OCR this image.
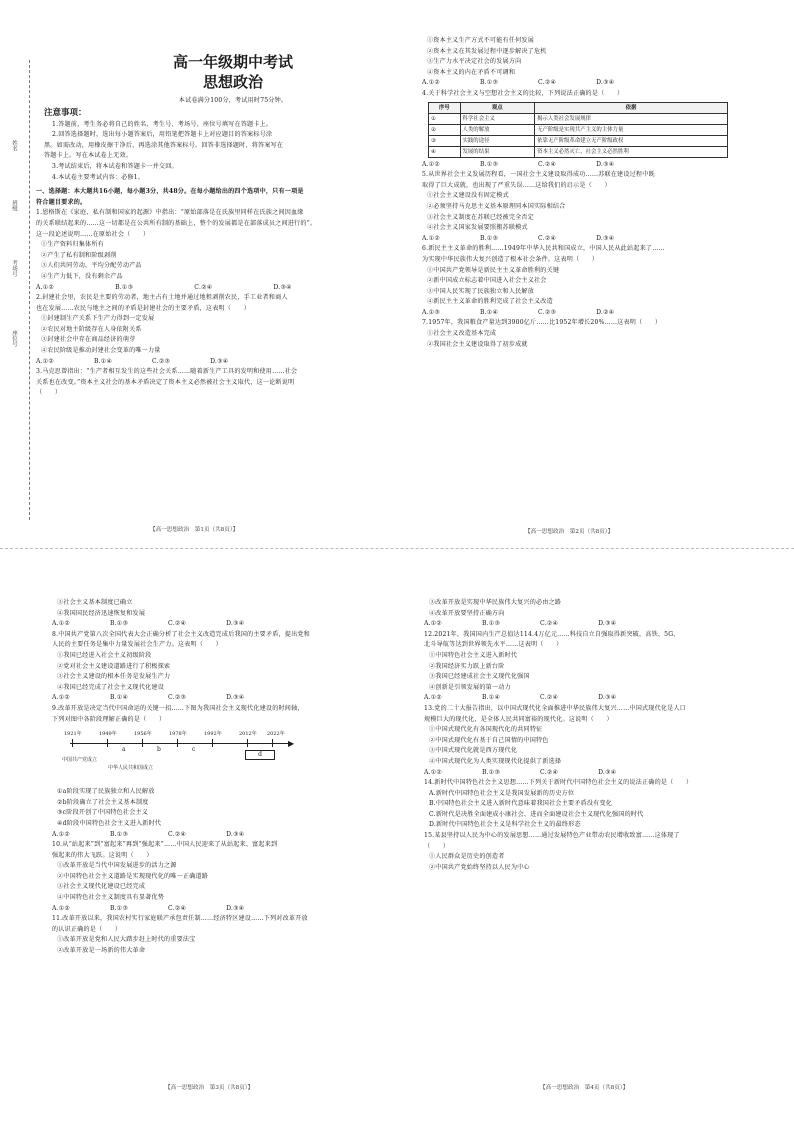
姓名
班级
考场号
座位号
高一年级期中考试
思想政治
本试卷满分100分，考试用时75分钟。
注意事项：
1.答题前，考生务必将自己的姓名、考生号、考场号、座位号填写在答题卡上。
2.回答选择题时，选出每小题答案后，用铅笔把答题卡上对应题目的答案标号涂
黑。如需改动，用橡皮擦干净后，再选涂其他答案标号。回答非选择题时，将答案写在
答题卡上。写在本试卷上无效。
3.考试结束后，将本试卷和答题卡一并交回。
4.本试卷主要考试内容：必修1。
一、选择题：本大题共16小题，每小题3分，共48分。在每小题给出的四个选项中，只有一项是
符合题目要求的。
1.恩格斯在《家庭、私有制和国家的起源》中指出：“原始部落是在氏族里同样在氏族之间因血缘
的关系联结起来的……这一切都是在公共所有制的基础上，整个的发展都是在部落成员之间进行的”。
这一段论述说明……在原始社会（　　）
①生产资料归集体所有
②产生了私有制和阶级剥削
③人们共同劳动，平均分配劳动产品
④生产力低下，没有剩余产品
A.①②　　　	B.①③　　　	C.②④　　　	D.③④
2.封建社会里，农民是主要的劳动者，地主占有土地并通过地租剥削农民，手工业者和商人
也在发展……农民与地主之间的矛盾是封建社会的主要矛盾，这表明（　　）
①封建制生产关系下生产力得到一定发展
②农民对地主阶级存在人身依附关系
③封建社会中存在商品经济的萌芽
④农民阶级是推动封建社会变革的唯一力量
A.①②　　　　　　	B.①④　　　　　　	C.②③　　　　　　	D.③④
3.马克思曾指出：“生产者相互发生的这些社会关系……随着新生产工具的发明和使用……社会
关系也在改变。”资本主义社会的基本矛盾决定了资本主义必然被社会主义取代，这一论断说明
（　　）
【高一思想政治　第1页（共8页）】
①资本主义生产方式不可能有任何发展
②资本主义在其发展过程中逐步解决了危机
③生产力水平决定社会的发展方向
④资本主义的内在矛盾不可调和
A.①②　　　　　　	B.①③　　　　　　	C.②④　　　　　　	D.③④
4.关于科学社会主义与空想社会主义的比较，下列说法正确的是（　　）
序号	观点	依据
①	科学社会主义	揭示人类社会发展规律
②	人类的解放	无产阶级是实现共产主义的主体力量
③	实践的途径	依靠无产阶级革命建立无产阶级政权
④	发展的结果	资本主义必然灭亡，社会主义必然胜利
A.①②　　　　　　	B.①③　　　　　　	C.②④　　　　　　	D.③④
5.从世界社会主义发展历程看，一国社会主义建设取得成功……苏联在建设过程中既
取得了巨大成就，也出现了严重失误……这给我们的启示是（　　）
①社会主义建设没有固定模式
②必须坚持马克思主义基本原理同本国实际相结合
③社会主义制度在苏联已经被完全否定
④社会主义国家发展要照搬苏联模式
A.①②　　　　　　	B.①③　　　　　　	C.②④　　　　　　	D.③④
6.新民主主义革命的胜利……1949年中华人民共和国成立，中国人民从此站起来了……
为实现中华民族伟大复兴创造了根本社会条件。这表明（　　）
①中国共产党领导是新民主主义革命胜利的关键
②新中国成立标志着中国进入社会主义社会
③中国人民实现了民族独立和人民解放
④新民主主义革命的胜利完成了社会主义改造
A.①③　　　　　　	B.①④　　　　　　	C.②③　　　　　　	D.②④
7.1957年，我国粮食产量达到3900亿斤……比1952年增长20%……这表明（　　）
①社会主义改造基本完成
②我国社会主义建设取得了初步成就
【高一思想政治　第2页（共8页）】
③社会主义基本制度已确立
④我国国民经济迅速恢复和发展
A.①②　　　　　　	B.①③　　　　　　	C.②④　　　　　　	D.③④
8.中国共产党第八次全国代表大会正确分析了社会主义改造完成后我国的主要矛盾，提出党和
人民的主要任务是集中力量发展社会生产力。这表明（　　）
①我国已经进入社会主义初级阶段
②党对社会主义建设道路进行了积极探索
③社会主义建设的根本任务是发展生产力
④我国已经完成了社会主义现代化建设
A.①②　　　　　　	B.①④　　　　　　	C.②③　　　　　　	D.③④
9.改革开放是决定当代中国命运的关键一招……下图为我国社会主义现代化建设的时间轴，
下列对图中各阶段理解正确的是（　　）
▶
1921年	1949年	1956年	1978年	1992年	2012年 2022年
a	b	c
d
中国共产党成立
中华人民共和国成立
①a阶段实现了民族独立和人民解放
②b阶段确立了社会主义基本制度
③c阶段开创了中国特色社会主义
④d阶段中国特色社会主义进入新时代
A.①②　　　　　　	B.①③　　　　　　	C.②④　　　　　　	D.③④
10.从“站起来”到“富起来”再到“强起来”……中国人民迎来了从站起来、富起来到
强起来的伟大飞跃。这说明（　　）
①改革开放是当代中国发展进步的活力之源
②中国特色社会主义道路是实现现代化的唯一正确道路
③社会主义现代化建设已经完成
④中国特色社会主义制度具有显著优势
A.①②　　　　　　	B.①③　　　　　　	C.②④　　　　　　	D.③④
11.改革开放以来，我国农村实行家庭联产承包责任制……经济特区建设……下列对改革开放
的认识正确的是（　　）
①改革开放是党和人民大踏步赶上时代的重要法宝
②改革开放是一场新的伟大革命
【高一思想政治　第3页（共8页）】
③改革开放是实现中华民族伟大复兴的必由之路
④改革开放要坚持正确方向
A.①②　　　　　　	B.①③　　　　　　	C.②④　　　　　　	D.③④
12.2021年，我国国内生产总值达114.4万亿元……科技自立自强取得新突破，高铁、5G、
北斗导航等达到世界领先水平……这表明（　　）
①中国特色社会主义进入新时代
②我国经济实力跃上新台阶
③我国已经建成社会主义现代化强国
④创新是引领发展的第一动力
A.①②　　　　　　	B.①④　　　　　　	C.②④　　　　　　	D.③④
13.党的二十大报告指出，以中国式现代化全面推进中华民族伟大复兴……中国式现代化是人口
规模巨大的现代化，是全体人民共同富裕的现代化。这说明（　　）
①中国式现代化有各国现代化的共同特征
②中国式现代化有基于自己国情的中国特色
③中国式现代化就是西方现代化
④中国式现代化为人类实现现代化提供了新选择
A.①②　　　　　　	B.①③　　　　　　	C.②④　　　　　　	D.③④
14.新时代中国特色社会主义思想……下列关于新时代中国特色社会主义的说法正确的是（　　）
A.新时代中国特色社会主义是我国发展新的历史方位
B.中国特色社会主义进入新时代意味着我国社会主要矛盾没有变化
C.新时代是决胜全面建成小康社会、进而全面建设社会主义现代化强国的时代
D.新时代中国特色社会主义是科学社会主义的最终形态
15.某县坚持以人民为中心的发展思想……通过发展特色产业带动农民增收致富……这体现了
（　　）
①人民群众是历史的创造者
②中国共产党始终坚持以人民为中心
【高一思想政治　第4页（共8页）】
